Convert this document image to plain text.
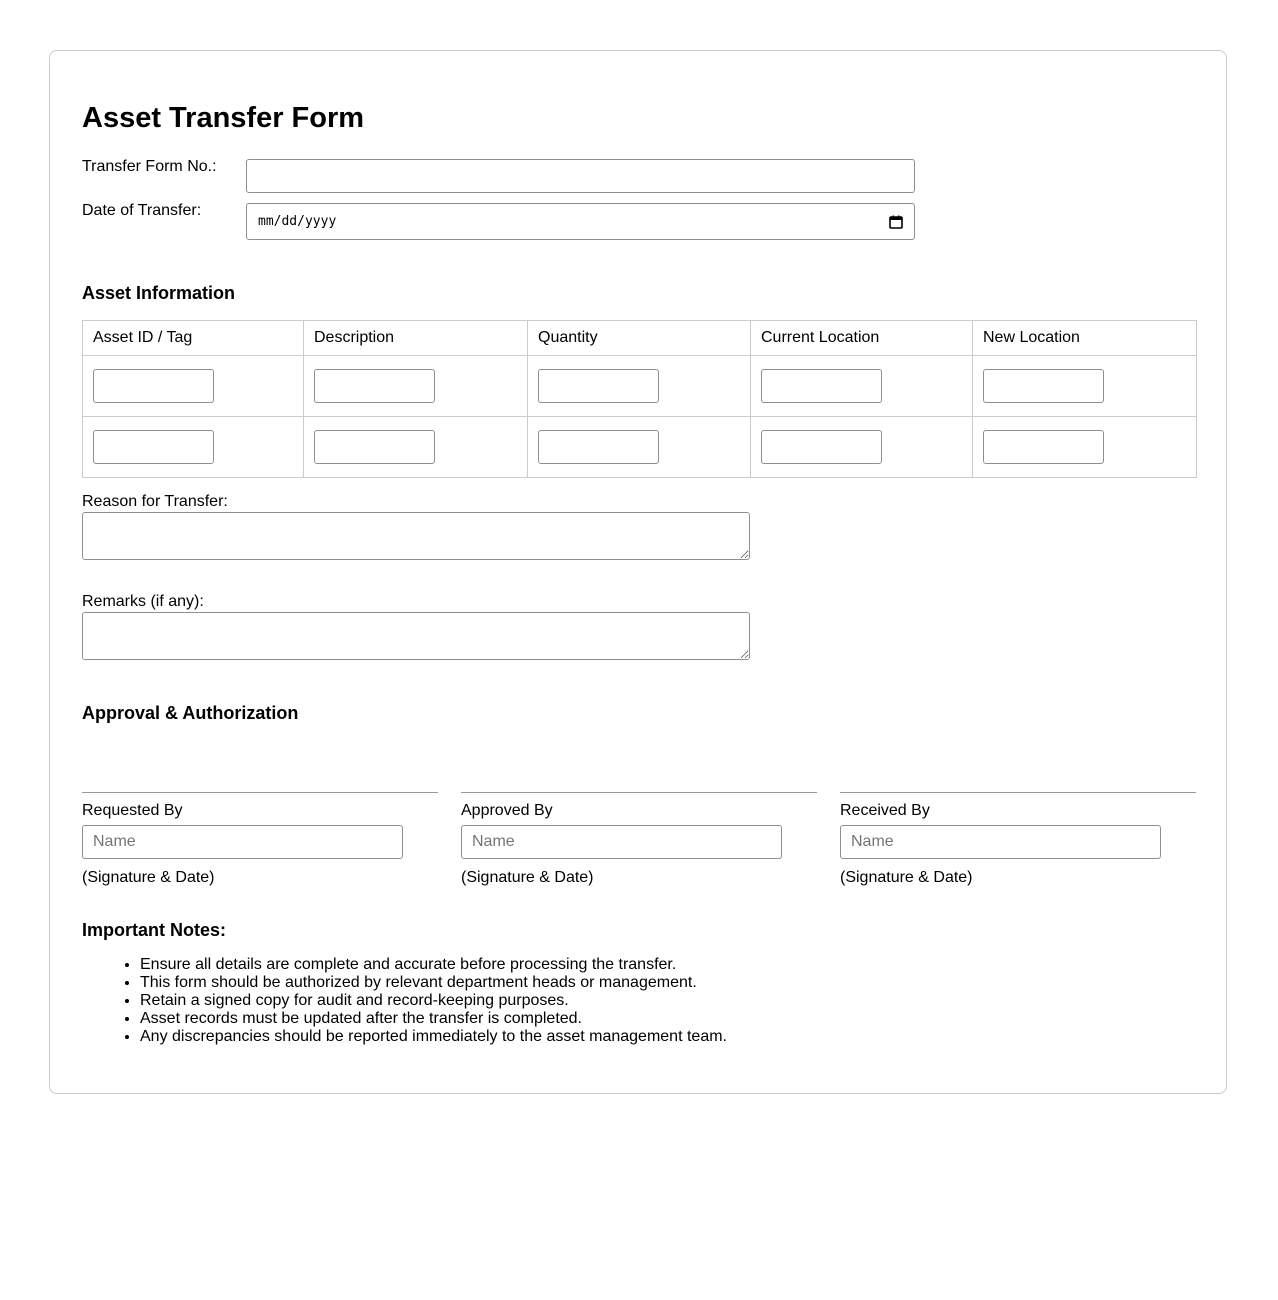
Asset Transfer Form
Transfer Form No.:
Date of Transfer:
mm/dd/yyyy
Asset Information
Asset ID / Tag	Description	Quantity	Current Location	New Location

Reason for Transfer:
Remarks (if any):
Approval & Authorization
Requested By
Name
(Signature & Date)
Approved By
Name
(Signature & Date)
Received By
Name
(Signature & Date)
Important Notes:
• Ensure all details are complete and accurate before processing the transfer.
• This form should be authorized by relevant department heads or management.
• Retain a signed copy for audit and record-keeping purposes.
• Asset records must be updated after the transfer is completed.
• Any discrepancies should be reported immediately to the asset management team.
